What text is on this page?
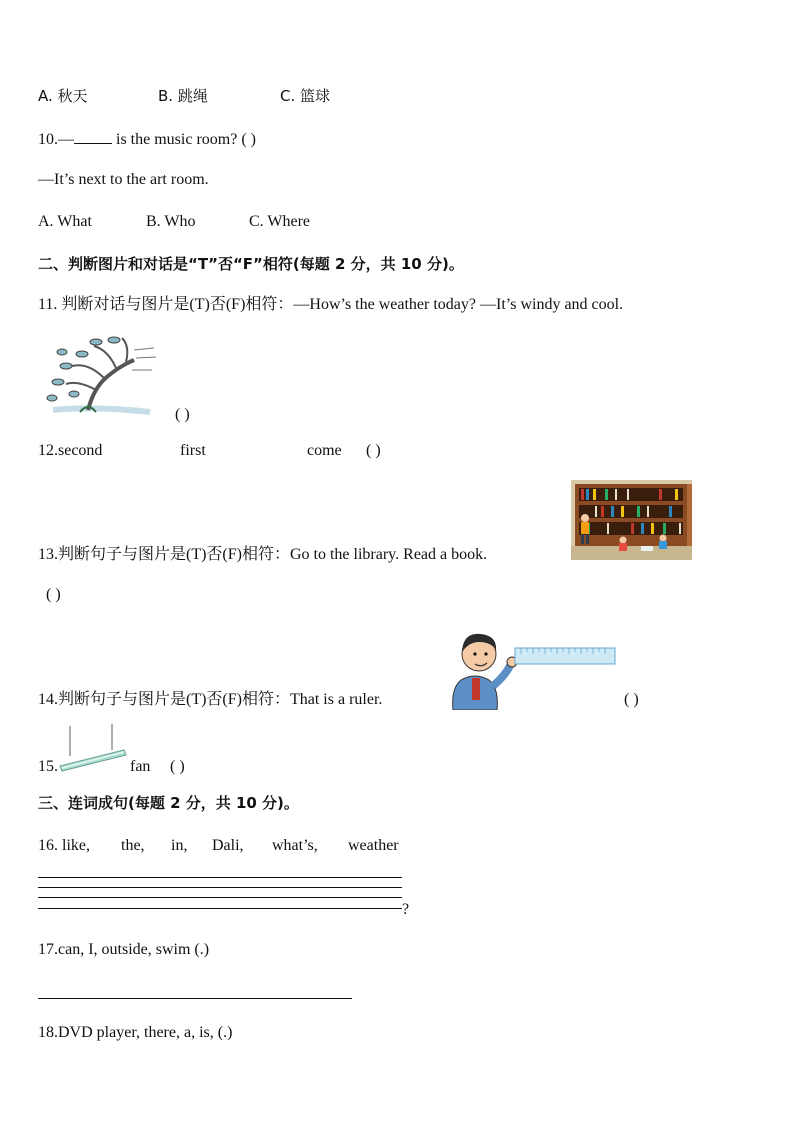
A. 秋天	B. 跳绳	C. 篮球
10.— is the music room? ( )
—It’s next to the art room.
A. What	B. Who	C. Where
二、判断图片和对话是“T”否“F”相符(每题 2 分，共 10 分)。
11. 判断对话与图片是(T)否(F)相符：—How’s the weather today? —It’s windy and cool.
( )
12.second	first	come ( )
13.判断句子与图片是(T)否(F)相符：Go to the library. Read a book.
( )
14.判断句子与图片是(T)否(F)相符：That is a ruler.	( )
15.	fan ( )
三、连词成句(每题 2 分，共 10 分)。
16. like, the, in, Dali, what’s, weather
?
17.can, I, outside, swim (.)
18.DVD player, there, a, is, (.)
